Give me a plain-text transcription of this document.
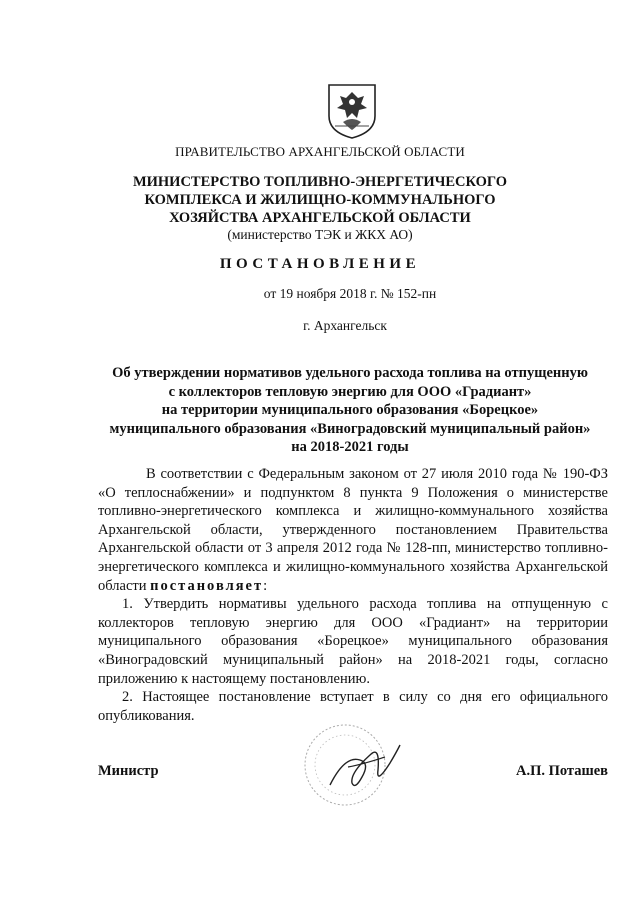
ПРАВИТЕЛЬСТВО АРХАНГЕЛЬСКОЙ ОБЛАСТИ
МИНИСТЕРСТВО ТОПЛИВНО-ЭНЕРГЕТИЧЕСКОГО
КОМПЛЕКСА И ЖИЛИЩНО-КОММУНАЛЬНОГО
ХОЗЯЙСТВА АРХАНГЕЛЬСКОЙ ОБЛАСТИ
(министерство ТЭК и ЖКХ АО)
ПОСТАНОВЛЕНИЕ
от 19 ноября 2018 г. № 152-пн
г. Архангельск
Об утверждении нормативов удельного расхода топлива на отпущенную
с коллекторов тепловую энергию для ООО «Градиант»
на территории муниципального образования «Борецкое»
муниципального образования «Виноградовский муниципальный район»
на 2018-2021 годы

В соответствии с Федеральным законом от 27 июля 2010 года № 190-ФЗ «О теплоснабжении» и подпунктом 8 пункта 9 Положения о министерстве топливно-энергетического комплекса и жилищно-коммунального хозяйства Архангельской области, утвержденного постановлением Правительства Архангельской области от 3 апреля 2012 года № 128-пп, министерство топливно-энергетического комплекса и жилищно-коммунального хозяйства Архангельской области постановляет:

1. Утвердить нормативы удельного расхода топлива на отпущенную с коллекторов тепловую энергию для ООО «Градиант» на территории муниципального образования «Борецкое» муниципального образования «Виноградовский муниципальный район» на 2018-2021 годы, согласно приложению к настоящему постановлению.

2. Настоящее постановление вступает в силу со дня его официального опубликования.

Министр	А.П. Поташев
